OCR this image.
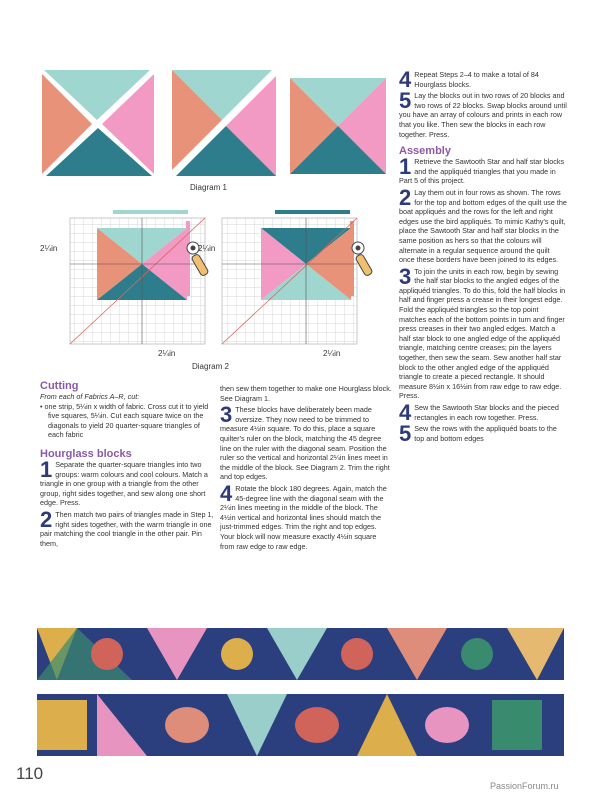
Diagram 1
2¼in
2¼in
2¼in
2¼in
Diagram 2
Cutting
From each of Fabrics A–R, cut:
• one strip, 5¼in x width of fabric. Cross cut it to yield five squares, 5¼in. Cut each square twice on the diagonals to yield 20 quarter-square triangles of each fabric
Hourglass blocks
1 Separate the quarter-square triangles into two groups: warm colours and cool colours. Match a triangle in one group with a triangle from the other group, right sides together, and sew along one short edge. Press.
2 Then match two pairs of triangles made in Step 1, right sides together, with the warm triangle in one pair matching the cool triangle in the other pair. Pin them,
then sew them together to make one Hourglass block. See Diagram 1.
3 These blocks have deliberately been made oversize. They now need to be trimmed to measure 4½in square. To do this, place a square quilter's ruler on the block, matching the 45 degree line on the ruler with the diagonal seam. Position the ruler so the vertical and horizontal 2¼in lines meet in the middle of the block. See Diagram 2. Trim the right and top edges.
4 Rotate the block 180 degrees. Again, match the 45-degree line with the diagonal seam with the 2¼in lines meeting in the middle of the block. The 4½in vertical and horizontal lines should match the just-trimmed edges. Trim the right and top edges. Your block will now measure exactly 4½in square from raw edge to raw edge.
4 Repeat Steps 2–4 to make a total of 84 Hourglass blocks.
5 Lay the blocks out in two rows of 20 blocks and two rows of 22 blocks. Swap blocks around until you have an array of colours and prints in each row that you like. Then sew the blocks in each row together. Press.
Assembly
1 Retrieve the Sawtooth Star and half star blocks and the appliquéd triangles that you made in Part 5 of this project.
2 Lay them out in four rows as shown. The rows for the top and bottom edges of the quilt use the boat appliqués and the rows for the left and right edges use the bird appliqués. To mimic Kathy's quilt, place the Sawtooth Star and half star blocks in the same position as hers so that the colours will alternate in a regular sequence around the quilt once these borders have been joined to its edges.
3 To join the units in each row, begin by sewing the half star blocks to the angled edges of the appliquéd triangles. To do this, fold the half blocks in half and finger press a crease in their longest edge. Fold the appliquéd triangles so the top point matches each of the bottom points in turn and finger press creases in their two angled edges. Match a half star block to one angled edge of the appliquéd triangle, matching centre creases; pin the layers together, then sew the seam. Sew another half star block to the other angled edge of the appliquéd triangle to create a pieced rectangle. It should measure 8½in x 16½in from raw edge to raw edge. Press.
4 Sew the Sawtooth Star blocks and the pieced rectangles in each row together. Press.
5 Sew the rows with the appliquéd boats to the top and bottom edges
110
PassionForum.ru
